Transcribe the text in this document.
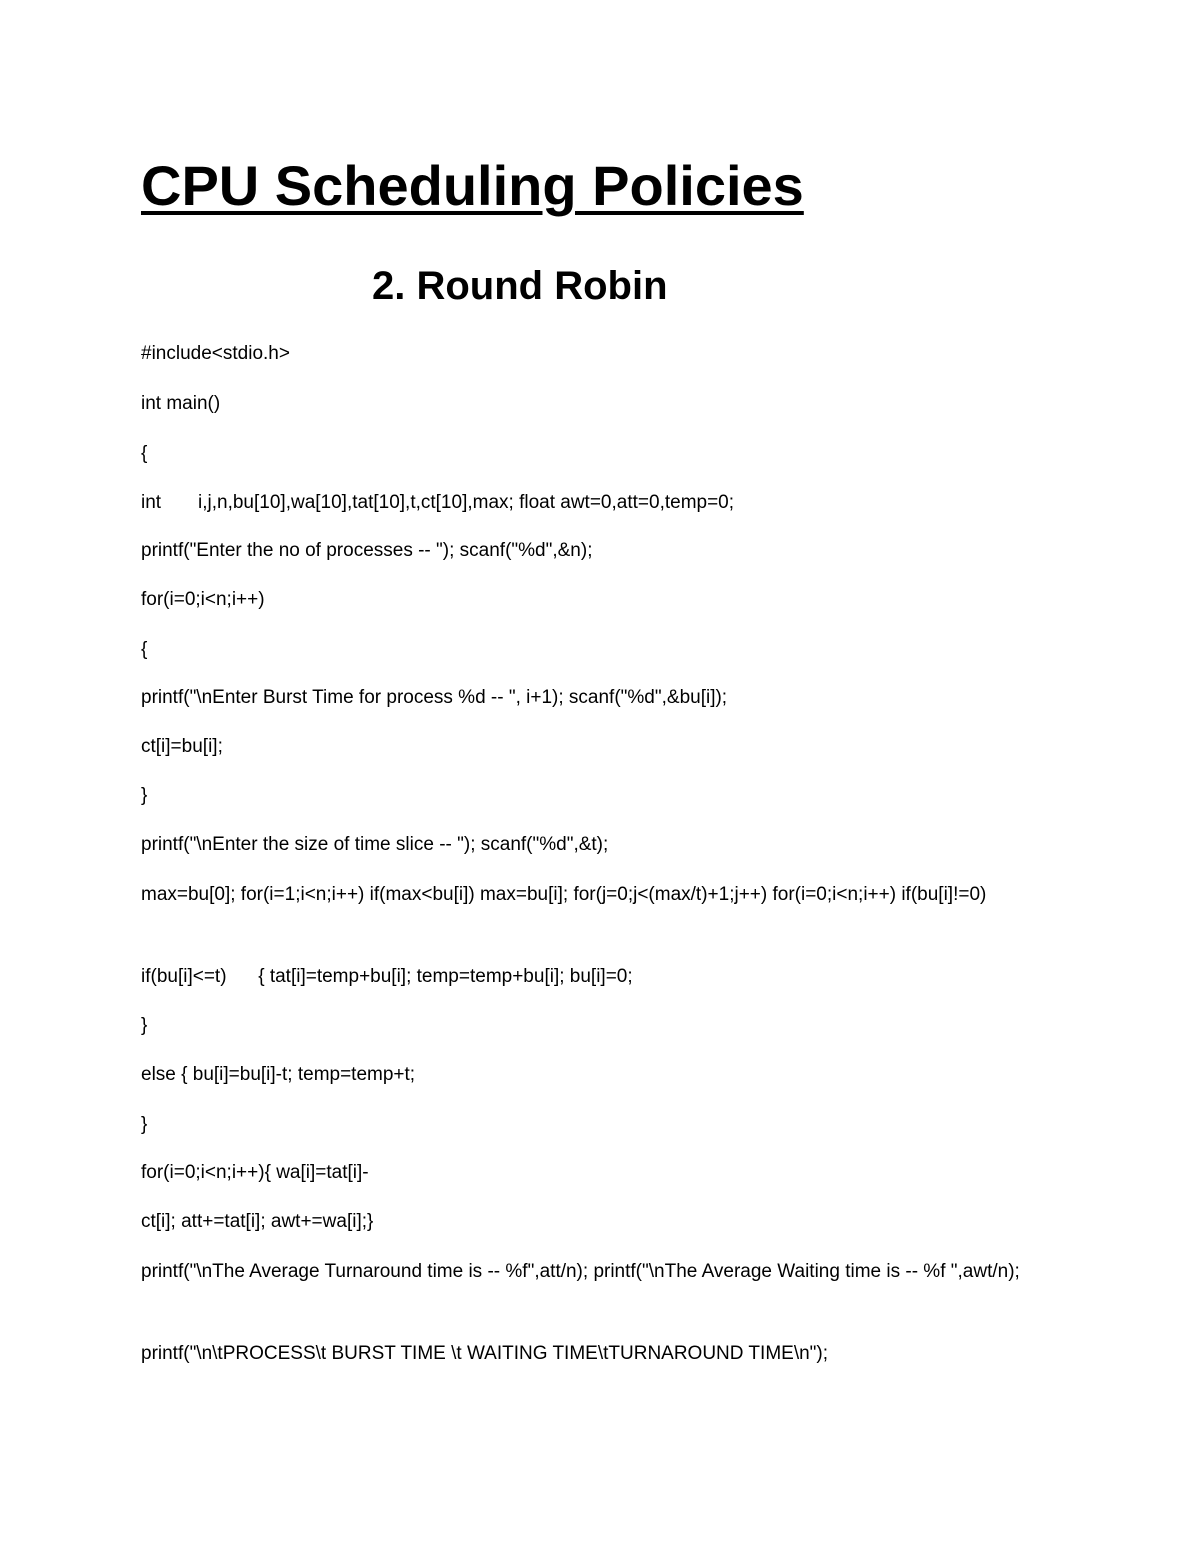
CPU Scheduling Policies
2. Round Robin

#include<stdio.h>

int main()

{

int       i,j,n,bu[10],wa[10],tat[10],t,ct[10],max; float awt=0,att=0,temp=0;

printf("Enter the no of processes -- "); scanf("%d",&n);

for(i=0;i<n;i++)

{

printf("\nEnter Burst Time for process %d -- ", i+1); scanf("%d",&bu[i]);

ct[i]=bu[i];

}

printf("\nEnter the size of time slice -- "); scanf("%d",&t);

max=bu[0]; for(i=1;i<n;i++) if(max<bu[i]) max=bu[i]; for(j=0;j<(max/t)+1;j++) for(i=0;i<n;i++) if(bu[i]!=0)

if(bu[i]<=t)      { tat[i]=temp+bu[i]; temp=temp+bu[i]; bu[i]=0;

}

else { bu[i]=bu[i]-t; temp=temp+t;

}

for(i=0;i<n;i++){ wa[i]=tat[i]-

ct[i]; att+=tat[i]; awt+=wa[i];}

printf("\nThe Average Turnaround time is -- %f",att/n); printf("\nThe Average Waiting time is -- %f ",awt/n);

printf("\n\tPROCESS\t BURST TIME \t WAITING TIME\tTURNAROUND TIME\n");
